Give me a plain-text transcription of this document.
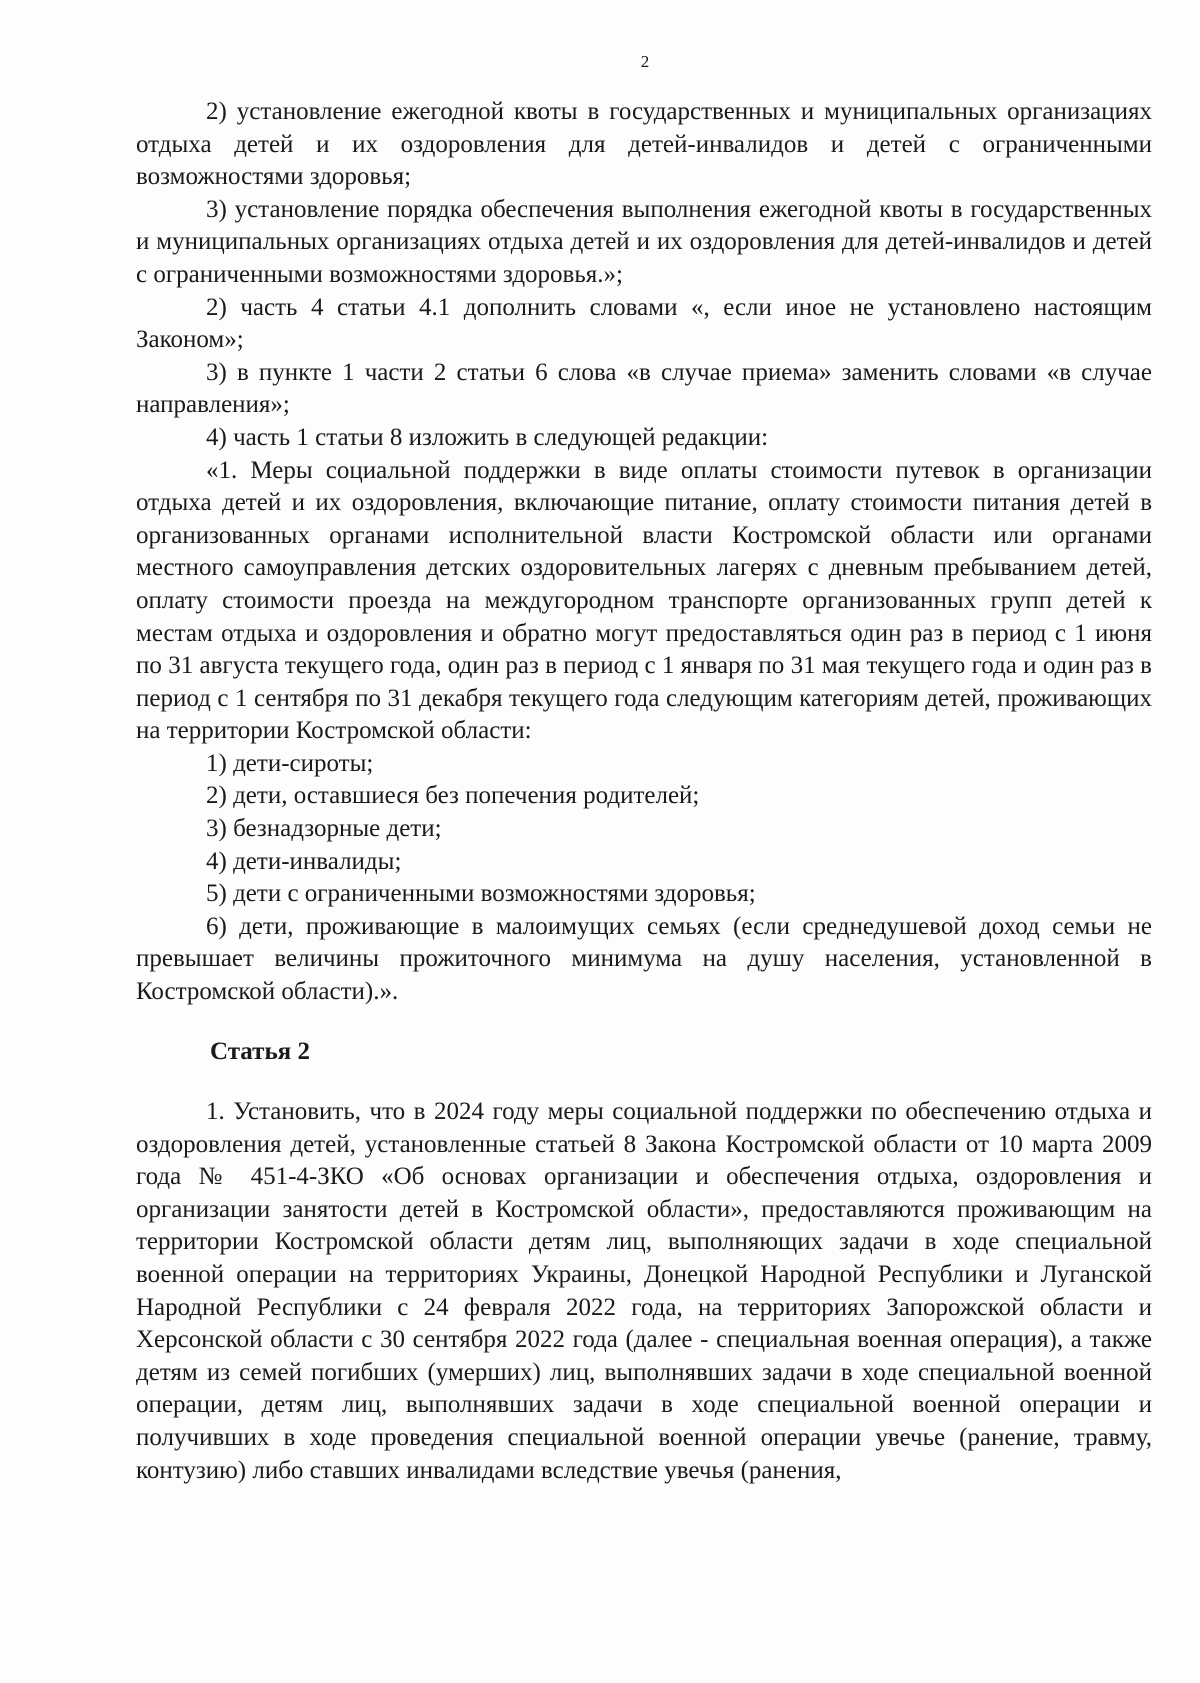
2

2) установление ежегодной квоты в государственных и муниципальных организациях отдыха детей и их оздоровления для детей-инвалидов и детей с ограниченными возможностями здоровья;

3) установление порядка обеспечения выполнения ежегодной квоты в государственных и муниципальных организациях отдыха детей и их оздоровления для детей-инвалидов и детей с ограниченными возможностями здоровья.»;

2) часть 4 статьи 4.1 дополнить словами «, если иное не установлено настоящим Законом»;

3) в пункте 1 части 2 статьи 6 слова «в случае приема» заменить словами «в случае направления»;

4) часть 1 статьи 8 изложить в следующей редакции:

«1. Меры социальной поддержки в виде оплаты стоимости путевок в организации отдыха детей и их оздоровления, включающие питание, оплату стоимости питания детей в организованных органами исполнительной власти Костромской области или органами местного самоуправления детских оздоровительных лагерях с дневным пребыванием детей, оплату стоимости проезда на междугородном транспорте организованных групп детей к местам отдыха и оздоровления и обратно могут предоставляться один раз в период с 1 июня по 31 августа текущего года, один раз в период с 1 января по 31 мая текущего года и один раз в период с 1 сентября по 31 декабря текущего года следующим категориям детей, проживающих на территории Костромской области:

1) дети-сироты;

2) дети, оставшиеся без попечения родителей;

3) безнадзорные дети;

4) дети-инвалиды;

5) дети с ограниченными возможностями здоровья;

6) дети, проживающие в малоимущих семьях (если среднедушевой доход семьи не превышает величины прожиточного минимума на душу населения, установленной в Костромской области).».

Статья 2

1. Установить, что в 2024 году меры социальной поддержки по обеспечению отдыха и оздоровления детей, установленные статьей 8 Закона Костромской области от 10 марта 2009 года № 451-4-ЗКО «Об основах организации и обеспечения отдыха, оздоровления и организации занятости детей в Костромской области», предоставляются проживающим на территории Костромской области детям лиц, выполняющих задачи в ходе специальной военной операции на территориях Украины, Донецкой Народной Республики и Луганской Народной Республики с 24 февраля 2022 года, на территориях Запорожской области и Херсонской области с 30 сентября 2022 года (далее - специальная военная операция), а также детям из семей погибших (умерших) лиц, выполнявших задачи в ходе специальной военной операции, детям лиц, выполнявших задачи в ходе специальной военной операции и получивших в ходе проведения специальной военной операции увечье (ранение, травму, контузию) либо ставших инвалидами вследствие увечья (ранения,
